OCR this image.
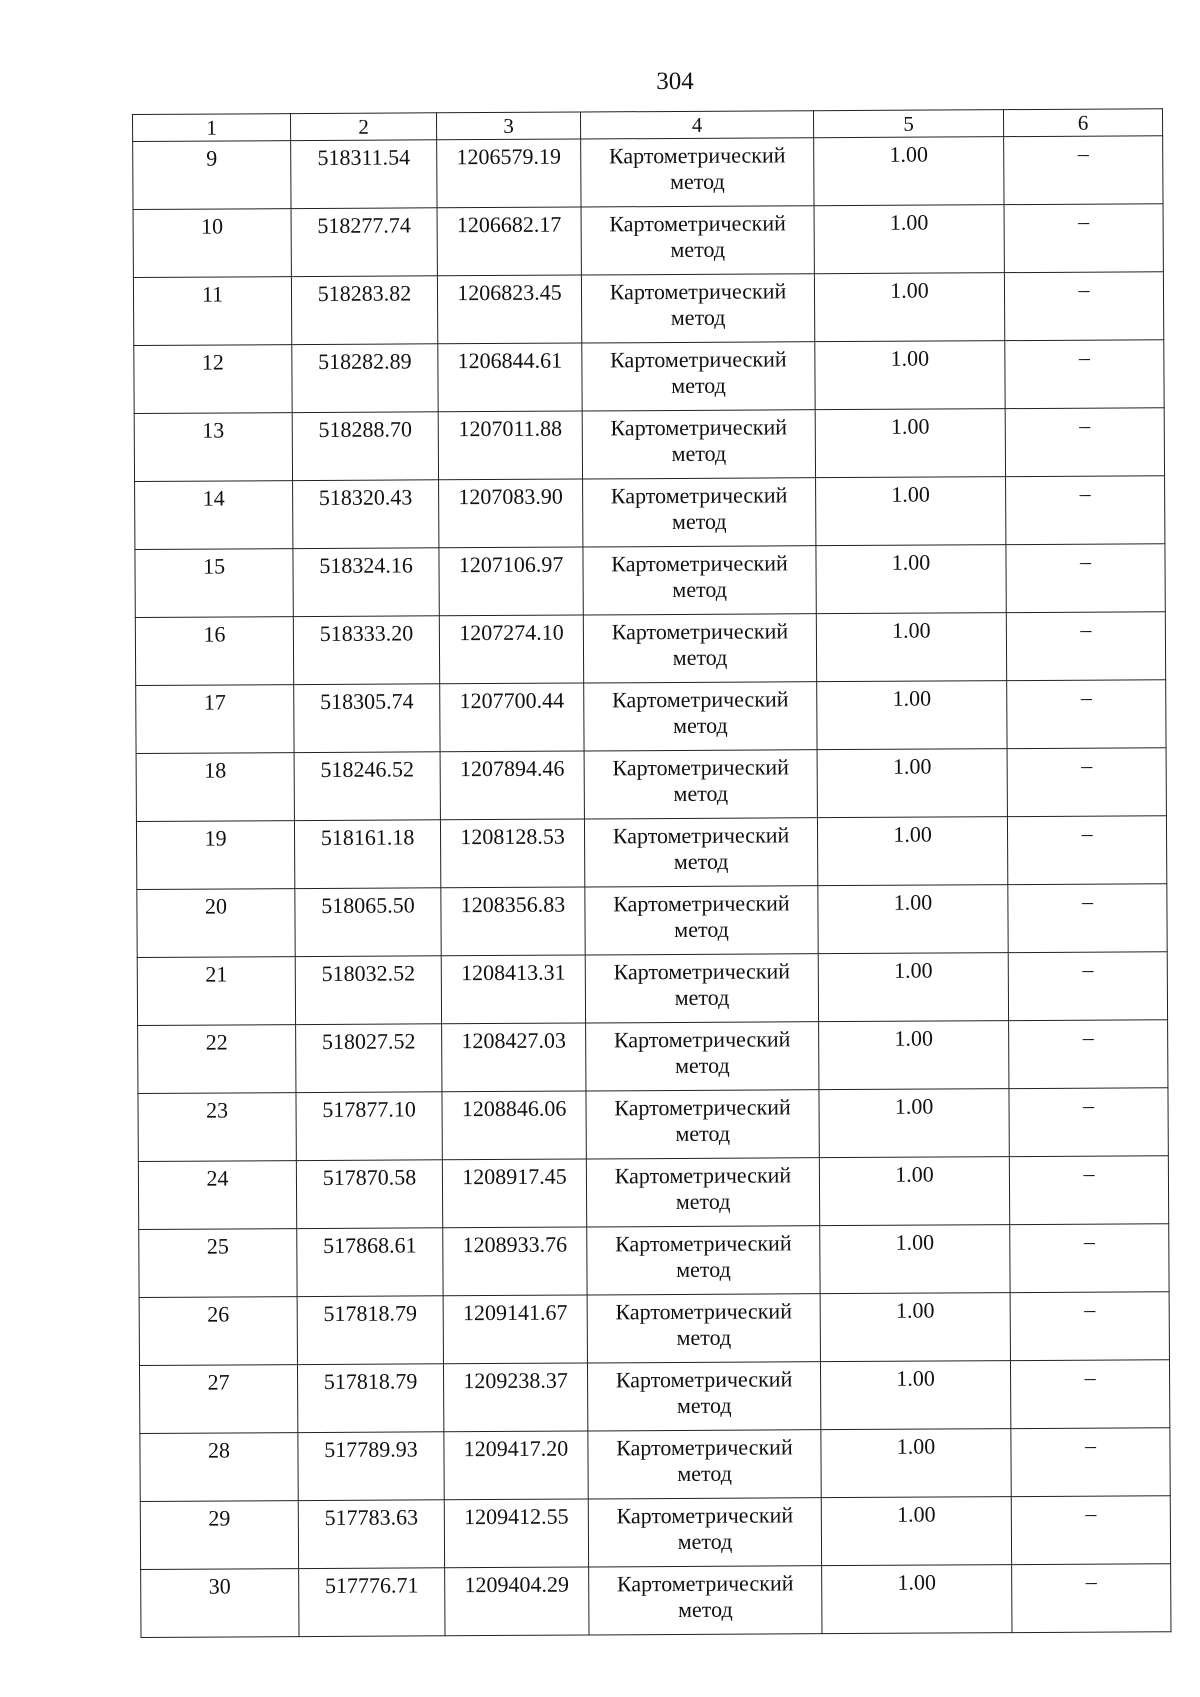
304
1	2	3	4	5	6
9	518311.54	1206579.19	Картометрический
метод	1.00	–
10	518277.74	1206682.17	Картометрический
метод	1.00	–
11	518283.82	1206823.45	Картометрический
метод	1.00	–
12	518282.89	1206844.61	Картометрический
метод	1.00	–
13	518288.70	1207011.88	Картометрический
метод	1.00	–
14	518320.43	1207083.90	Картометрический
метод	1.00	–
15	518324.16	1207106.97	Картометрический
метод	1.00	–
16	518333.20	1207274.10	Картометрический
метод	1.00	–
17	518305.74	1207700.44	Картометрический
метод	1.00	–
18	518246.52	1207894.46	Картометрический
метод	1.00	–
19	518161.18	1208128.53	Картометрический
метод	1.00	–
20	518065.50	1208356.83	Картометрический
метод	1.00	–
21	518032.52	1208413.31	Картометрический
метод	1.00	–
22	518027.52	1208427.03	Картометрический
метод	1.00	–
23	517877.10	1208846.06	Картометрический
метод	1.00	–
24	517870.58	1208917.45	Картометрический
метод	1.00	–
25	517868.61	1208933.76	Картометрический
метод	1.00	–
26	517818.79	1209141.67	Картометрический
метод	1.00	–
27	517818.79	1209238.37	Картометрический
метод	1.00	–
28	517789.93	1209417.20	Картометрический
метод	1.00	–
29	517783.63	1209412.55	Картометрический
метод	1.00	–
30	517776.71	1209404.29	Картометрический
метод	1.00	–
